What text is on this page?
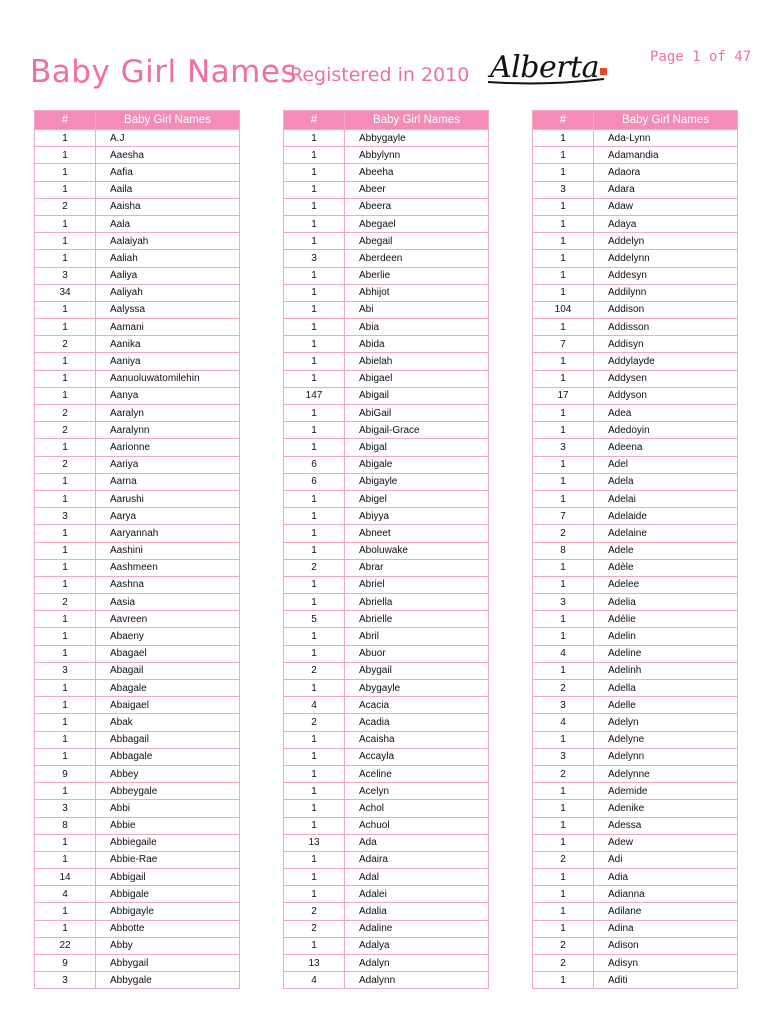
Baby Girl Names
Registered in 2010 Alberta	Page 1 of 47
#	Baby Girl Names
1	A.J
1	Aaesha
1	Aafia
1	Aaila
2	Aaisha
1	Aala
1	Aalaiyah
1	Aaliah
3	Aaliya
34	Aaliyah
1	Aalyssa
1	Aamani
2	Aanika
1	Aaniya
1	Aanuoluwatomilehin
1	Aanya
2	Aaralyn
2	Aaralynn
1	Aarionne
2	Aariya
1	Aarna
1	Aarushi
3	Aarya
1	Aaryannah
1	Aashini
1	Aashmeen
1	Aashna
2	Aasia
1	Aavreen
1	Abaeny
1	Abagael
3	Abagail
1	Abagale
1	Abaigael
1	Abak
1	Abbagail
1	Abbagale
9	Abbey
1	Abbeygale
3	Abbi
8	Abbie
1	Abbiegaile
1	Abbie-Rae
14	Abbigail
4	Abbigale
1	Abbigayle
1	Abbotte
22	Abby
9	Abbygail
3	Abbygale
#	Baby Girl Names
1	Abbygayle
1	Abbylynn
1	Abeeha
1	Abeer
1	Abeera
1	Abegael
1	Abegail
3	Aberdeen
1	Aberlie
1	Abhijot
1	Abi
1	Abia
1	Abida
1	Abielah
1	Abigael
147	Abigail
1	AbiGail
1	Abigail-Grace
1	Abigal
6	Abigale
6	Abigayle
1	Abigel
1	Abiyya
1	Abneet
1	Aboluwake
2	Abrar
1	Abriel
1	Abriella
5	Abrielle
1	Abril
1	Abuor
2	Abygail
1	Abygayle
4	Acacia
2	Acadia
1	Acaisha
1	Accayla
1	Aceline
1	Acelyn
1	Achol
1	Achuol
13	Ada
1	Adaira
1	Adal
1	Adalei
2	Adalia
2	Adaline
1	Adalya
13	Adalyn
4	Adalynn
#	Baby Girl Names
1	Ada-Lynn
1	Adamandia
1	Adaora
3	Adara
1	Adaw
1	Adaya
1	Addelyn
1	Addelynn
1	Addesyn
1	Addilynn
104	Addison
1	Addisson
7	Addisyn
1	Addylayde
1	Addysen
17	Addyson
1	Adea
1	Adedoyin
3	Adeena
1	Adel
1	Adela
1	Adelai
7	Adelaide
2	Adelaine
8	Adele
1	Adèle
1	Adelee
3	Adelia
1	Adélie
1	Adelin
4	Adeline
1	Adelinh
2	Adella
3	Adelle
4	Adelyn
1	Adelyne
3	Adelynn
2	Adelynne
1	Ademide
1	Adenike
1	Adessa
1	Adew
2	Adi
1	Adia
1	Adianna
1	Adilane
1	Adina
2	Adison
2	Adisyn
1	Aditi
